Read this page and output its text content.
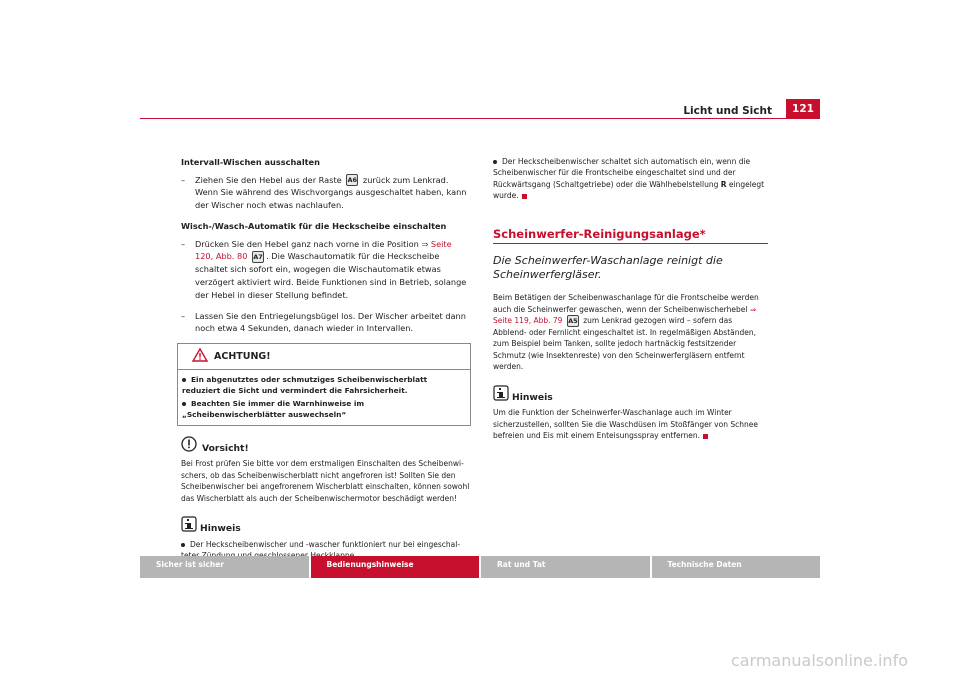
Licht und Sicht	121
Intervall-Wischen ausschalten
–	Ziehen Sie den Hebel aus der Raste A6 zurück zum Lenkrad. Wenn Sie während des Wischvorgangs ausgeschaltet haben, kann der Wischer noch etwas nachlaufen.
Wisch-/Wasch-Automatik für die Heckscheibe einschalten
–	Drücken Sie den Hebel ganz nach vorne in die Position ⇒ Seite 120, Abb. 80 A7 . Die Waschautomatik für die Heckscheibe schaltet sich sofort ein, wogegen die Wischautomatik etwas verzögert aktiviert wird. Beide Funktionen sind in Betrieb, solange der Hebel in dieser Stellung befindet.
–	Lassen Sie den Entriegelungsbügel los. Der Wischer arbeitet dann noch etwa 4 Sekunden, danach wieder in Intervallen.
ACHTUNG!
Ein abgenutztes oder schmutziges Scheibenwischerblatt reduziert die Sicht und vermindert die Fahrsicherheit.
Beachten Sie immer die Warnhinweise im „Scheibenwischerblätter auswechseln“
Vorsicht!
Bei Frost prüfen Sie bitte vor dem erstmaligen Einschalten des Scheibenwischers, ob das Scheibenwischerblatt nicht angefroren ist! Sollten Sie den Scheibenwischer bei angefrorenem Wischerblatt einschalten, können sowohl das Wischerblatt als auch der Scheibenwischermotor beschädigt werden!
Hinweis
Der Heckscheibenwischer und -wascher funktioniert nur bei eingeschal
Der Heckscheibenwischer schaltet sich automatisch ein, wenn die Scheibenwischer für die Frontscheibe eingeschaltet sind und der Rückwärtsgang (Schaltgetriebe) oder die Wählhebelstellung R eingelegt wurde.
Scheinwerfer-Reinigungsanlage*
Die Scheinwerfer-Waschanlage reinigt die Scheinwerfergläser.
Beim Betätigen der Scheibenwaschanlage für die Frontscheibe werden auch die Scheinwerfer gewaschen, wenn der Scheibenwischerhebel ⇒ Seite 119, Abb. 79 A5 zum Lenkrad gezogen wird – sofern das Abblend- oder Fernlicht eingeschaltet ist. In regelmäßigen Abständen, zum Beispiel beim Tanken, sollte jedoch hartnäckig festsitzender Schmutz (wie Insektenreste) von den Scheinwerfergläsern entfernt werden.
Hinweis
Um die Funktion der Scheinwerfer-Waschanlage auch im Winter sicherzustellen, sollten Sie die Waschdüsen im Stoßfänger von Schnee befreien und Eis mit einem Enteisungsspray entfernen.
Sicher ist sicher	Bedienungshinweise	Rat und Tat	Technische Daten
carmanualsonline.info
